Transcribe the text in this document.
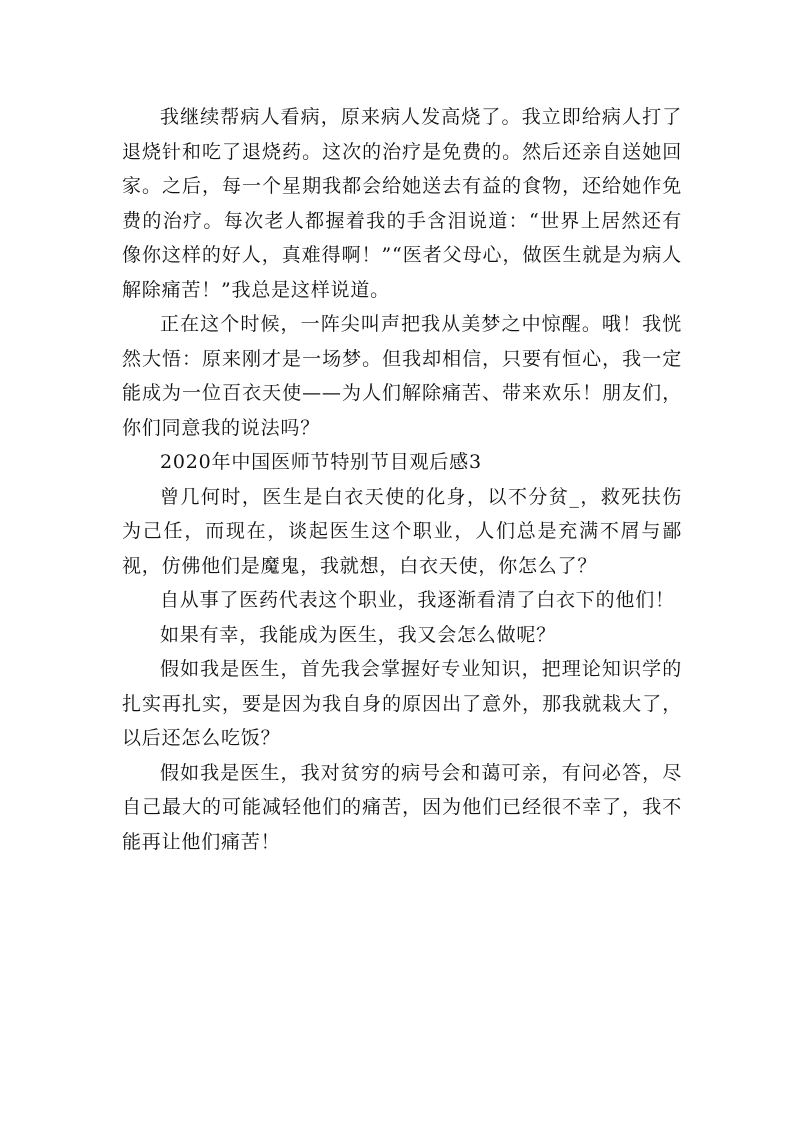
我继续帮病人看病，原来病人发高烧了。我立即给病人打了退烧针和吃了退烧药。这次的治疗是免费的。然后还亲自送她回家。之后，每一个星期我都会给她送去有益的食物，还给她作免费的治疗。每次老人都握着我的手含泪说道：“世界上居然还有像你这样的好人，真难得啊！”“医者父母心，做医生就是为病人解除痛苦！”我总是这样说道。

正在这个时候，一阵尖叫声把我从美梦之中惊醒。哦！我恍然大悟：原来刚才是一场梦。但我却相信，只要有恒心，我一定能成为一位百衣天使——为人们解除痛苦、带来欢乐！朋友们，你们同意我的说法吗？

2020年中国医师节特别节目观后感3

曾几何时，医生是白衣天使的化身，以不分贫_，救死扶伤为己任，而现在，谈起医生这个职业，人们总是充满不屑与鄙视，仿佛他们是魔鬼，我就想，白衣天使，你怎么了？

自从事了医药代表这个职业，我逐渐看清了白衣下的他们！

如果有幸，我能成为医生，我又会怎么做呢？

假如我是医生，首先我会掌握好专业知识，把理论知识学的扎实再扎实，要是因为我自身的原因出了意外，那我就栽大了，以后还怎么吃饭？

假如我是医生，我对贫穷的病号会和蔼可亲，有问必答，尽自己最大的可能减轻他们的痛苦，因为他们已经很不幸了，我不能再让他们痛苦！
